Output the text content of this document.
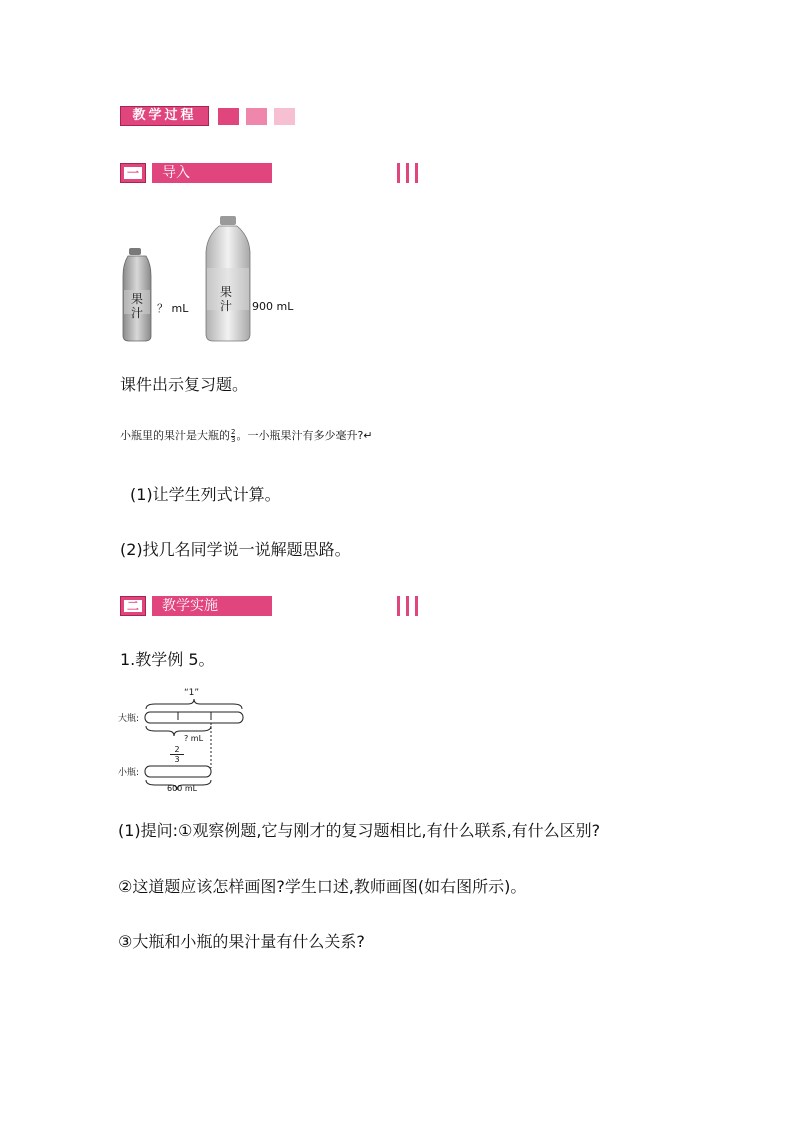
教学过程
一 导入
果
汁 ？ mL
果
汁 900 mL
课件出示复习题。
小瓶里的果汁是大瓶的 $\frac{2}{3}$ 。一小瓶果汁有多少毫升?↵
(1)让学生列式计算。
(2)找几名同学说一说解题思路。
二 教学实施
1.教学例 5。
大瓶:
“1”
? mL
$\frac{2}{3}$
小瓶:
600 mL
(1)提问:①观察例题,它与刚才的复习题相比,有什么联系,有什么区别?
②这道题应该怎样画图?学生口述,教师画图(如右图所示)。
③大瓶和小瓶的果汁量有什么关系?
